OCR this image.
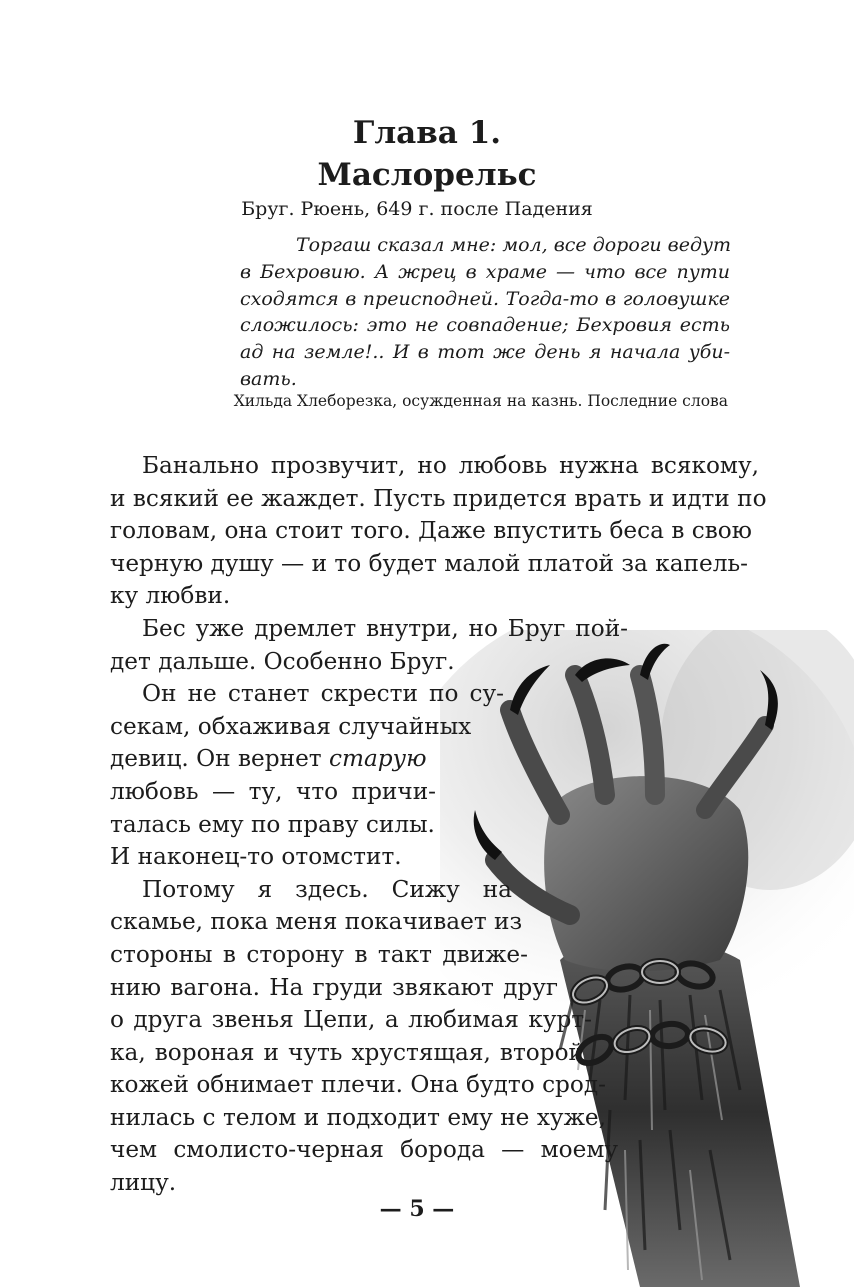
Глава 1.
Маслорельс
Бруг. Рюень, 649 г. после Падения
Торгаш сказал мне: мол, все дороги ведут
в Бехровию. А жрец в храме — что все пути
сходятся в преисподней. Тогда-то в головушке
сложилось: это не совпадение; Бехровия есть
ад на земле!.. И в тот же день я начала уби-
вать.
Хильда Хлеборезка, осужденная на казнь. Последние слова
Банально прозвучит, но любовь нужна всякому,
и всякий ее жаждет. Пусть придется врать и идти по
головам, она стоит того. Даже впустить беса в свою
черную душу — и то будет малой платой за капель-
ку любви.
Бес уже дремлет внутри, но Бруг пой-
дет дальше. Особенно Бруг.
Он не станет скрести по су-
секам, обхаживая случайных
девиц. Он вернет старую
любовь — ту, что причи-
талась ему по праву силы.
И наконец-то отомстит.
Потому я здесь. Сижу на
скамье, пока меня покачивает из
стороны в сторону в такт движе-
нию вагона. На груди звякают друг
о друга звенья Цепи, а любимая курт-
ка, вороная и чуть хрустящая, второй
кожей обнимает плечи. Она будто срод-
нилась с телом и подходит ему не хуже,
чем смолисто-черная борода — моему
лицу.
— 5 —
